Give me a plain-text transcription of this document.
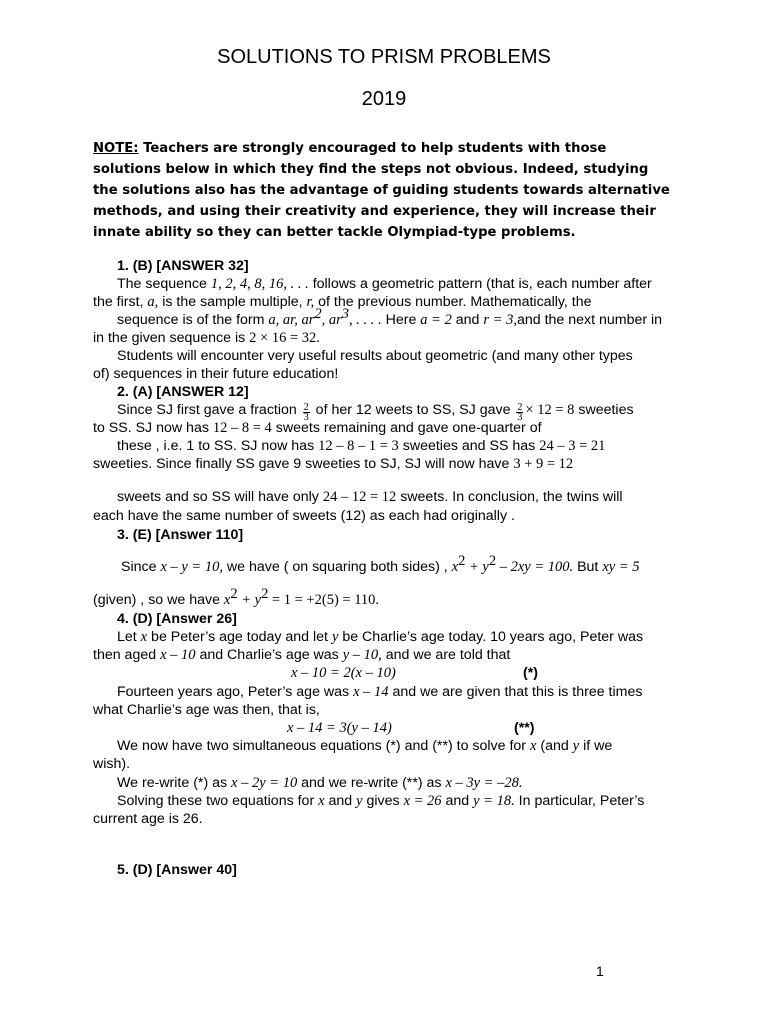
SOLUTIONS TO PRISM PROBLEMS
2019
NOTE: Teachers are strongly encouraged to help students with those solutions below in which they find the steps not obvious. Indeed, studying the solutions also has the advantage of guiding students towards alternative methods, and using their creativity and experience, they will increase their innate ability so they can better tackle Olympiad-type problems.
1. (B) [ANSWER 32]
The sequence 1, 2, 4, 8, 16, . . . follows a geometric pattern (that is, each number after
the first, a, is the sample multiple, r, of the previous number. Mathematically, the
sequence is of the form a, ar, $ar^2$, $ar^3$, . . . . Here a = 2 and r = 3,and the next number in
in the given sequence is 2 × 16 = 32.
Students will encounter very useful results about geometric (and many other types
of) sequences in their future education!
2. (A) [ANSWER 12]
Since SJ first gave a fraction $\frac{2}{3}$ of her 12 weets to SS, SJ gave $\frac{2}{3} \times 12 = 8$ sweeties
to SS. SJ now has 12 – 8 = 4 sweets remaining and gave one-quarter of
these , i.e. 1 to SS. SJ now has 12 – 8 – 1 = 3 sweeties and SS has 24 – 3 = 21
sweeties. Since finally SS gave 9 sweeties to SJ, SJ will now have 3 + 9 = 12
sweets and so SS will have only 24 – 12 = 12 sweets. In conclusion, the twins will
each have the same number of sweets (12) as each had originally .
3. (E) [Answer 110]
Since x – y = 10, we have ( on squaring both sides) , $x^2 + y^2 - 2xy = 100$. But xy = 5
(given) , so we have $x^2 + y^2 = 1 = +2(5) = 110$.
4. (D) [Answer 26]
Let x be Peter’s age today and let y be Charlie’s age today. 10 years ago, Peter was
then aged x – 10 and Charlie’s age was y – 10, and we are told that
x – 10 = 2(x – 10)	(*)
Fourteen years ago, Peter’s age was x – 14 and we are given that this is three times
what Charlie’s age was then, that is,
x – 14 = 3(y – 14)	(**)
We now have two simultaneous equations (*) and (**) to solve for x (and y if we
wish).
We re-write (*) as x – 2y = 10 and we re-write (**) as x – 3y = –28.
Solving these two equations for x and y gives x = 26 and y = 18. In particular, Peter’s
current age is 26.
5. (D) [Answer 40]
1
